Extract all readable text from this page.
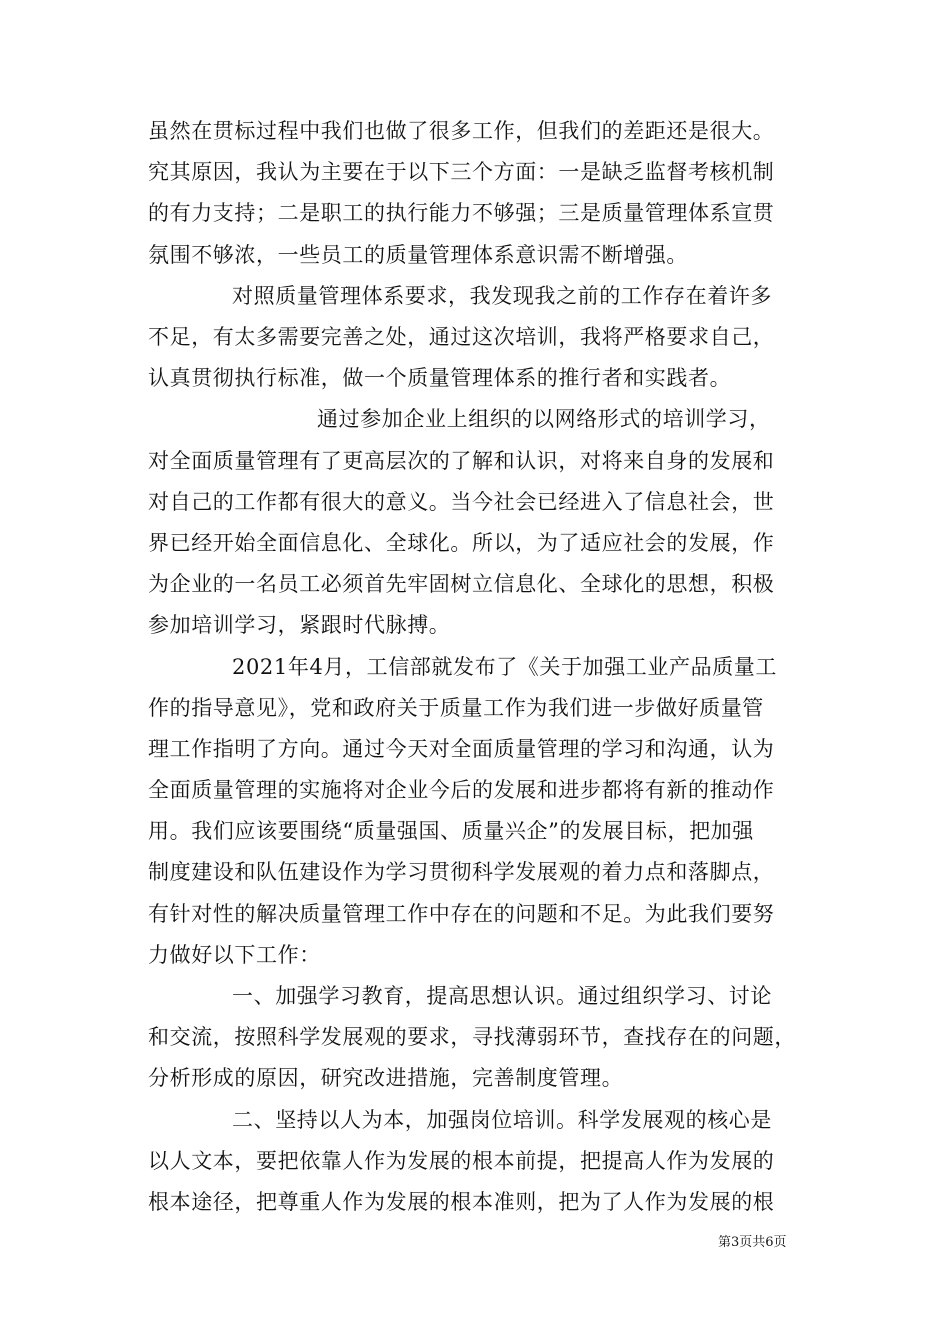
虽然在贯标过程中我们也做了很多工作，但我们的差距还是很大。
究其原因，我认为主要在于以下三个方面：一是缺乏监督考核机制
的有力支持；二是职工的执行能力不够强；三是质量管理体系宣贯
氛围不够浓，一些员工的质量管理体系意识需不断增强。
对照质量管理体系要求，我发现我之前的工作存在着许多
不足，有太多需要完善之处，通过这次培训，我将严格要求自己，
认真贯彻执行标准，做一个质量管理体系的推行者和实践者。
通过参加企业上组织的以网络形式的培训学习，
对全面质量管理有了更高层次的了解和认识，对将来自身的发展和
对自己的工作都有很大的意义。当今社会已经进入了信息社会，世
界已经开始全面信息化、全球化。所以，为了适应社会的发展，作
为企业的一名员工必须首先牢固树立信息化、全球化的思想，积极
参加培训学习，紧跟时代脉搏。
2021年4月，工信部就发布了《关于加强工业产品质量工
作的指导意见》，党和政府关于质量工作为我们进一步做好质量管
理工作指明了方向。通过今天对全面质量管理的学习和沟通，认为
全面质量管理的实施将对企业今后的发展和进步都将有新的推动作
用。我们应该要围绕“质量强国、质量兴企”的发展目标，把加强
制度建设和队伍建设作为学习贯彻科学发展观的着力点和落脚点，
有针对性的解决质量管理工作中存在的问题和不足。为此我们要努
力做好以下工作：
一、加强学习教育，提高思想认识。通过组织学习、讨论
和交流，按照科学发展观的要求，寻找薄弱环节，查找存在的问题，
分析形成的原因，研究改进措施，完善制度管理。
二、坚持以人为本，加强岗位培训。科学发展观的核心是
以人文本，要把依靠人作为发展的根本前提，把提高人作为发展的
根本途径，把尊重人作为发展的根本准则，把为了人作为发展的根
第3页共6页
